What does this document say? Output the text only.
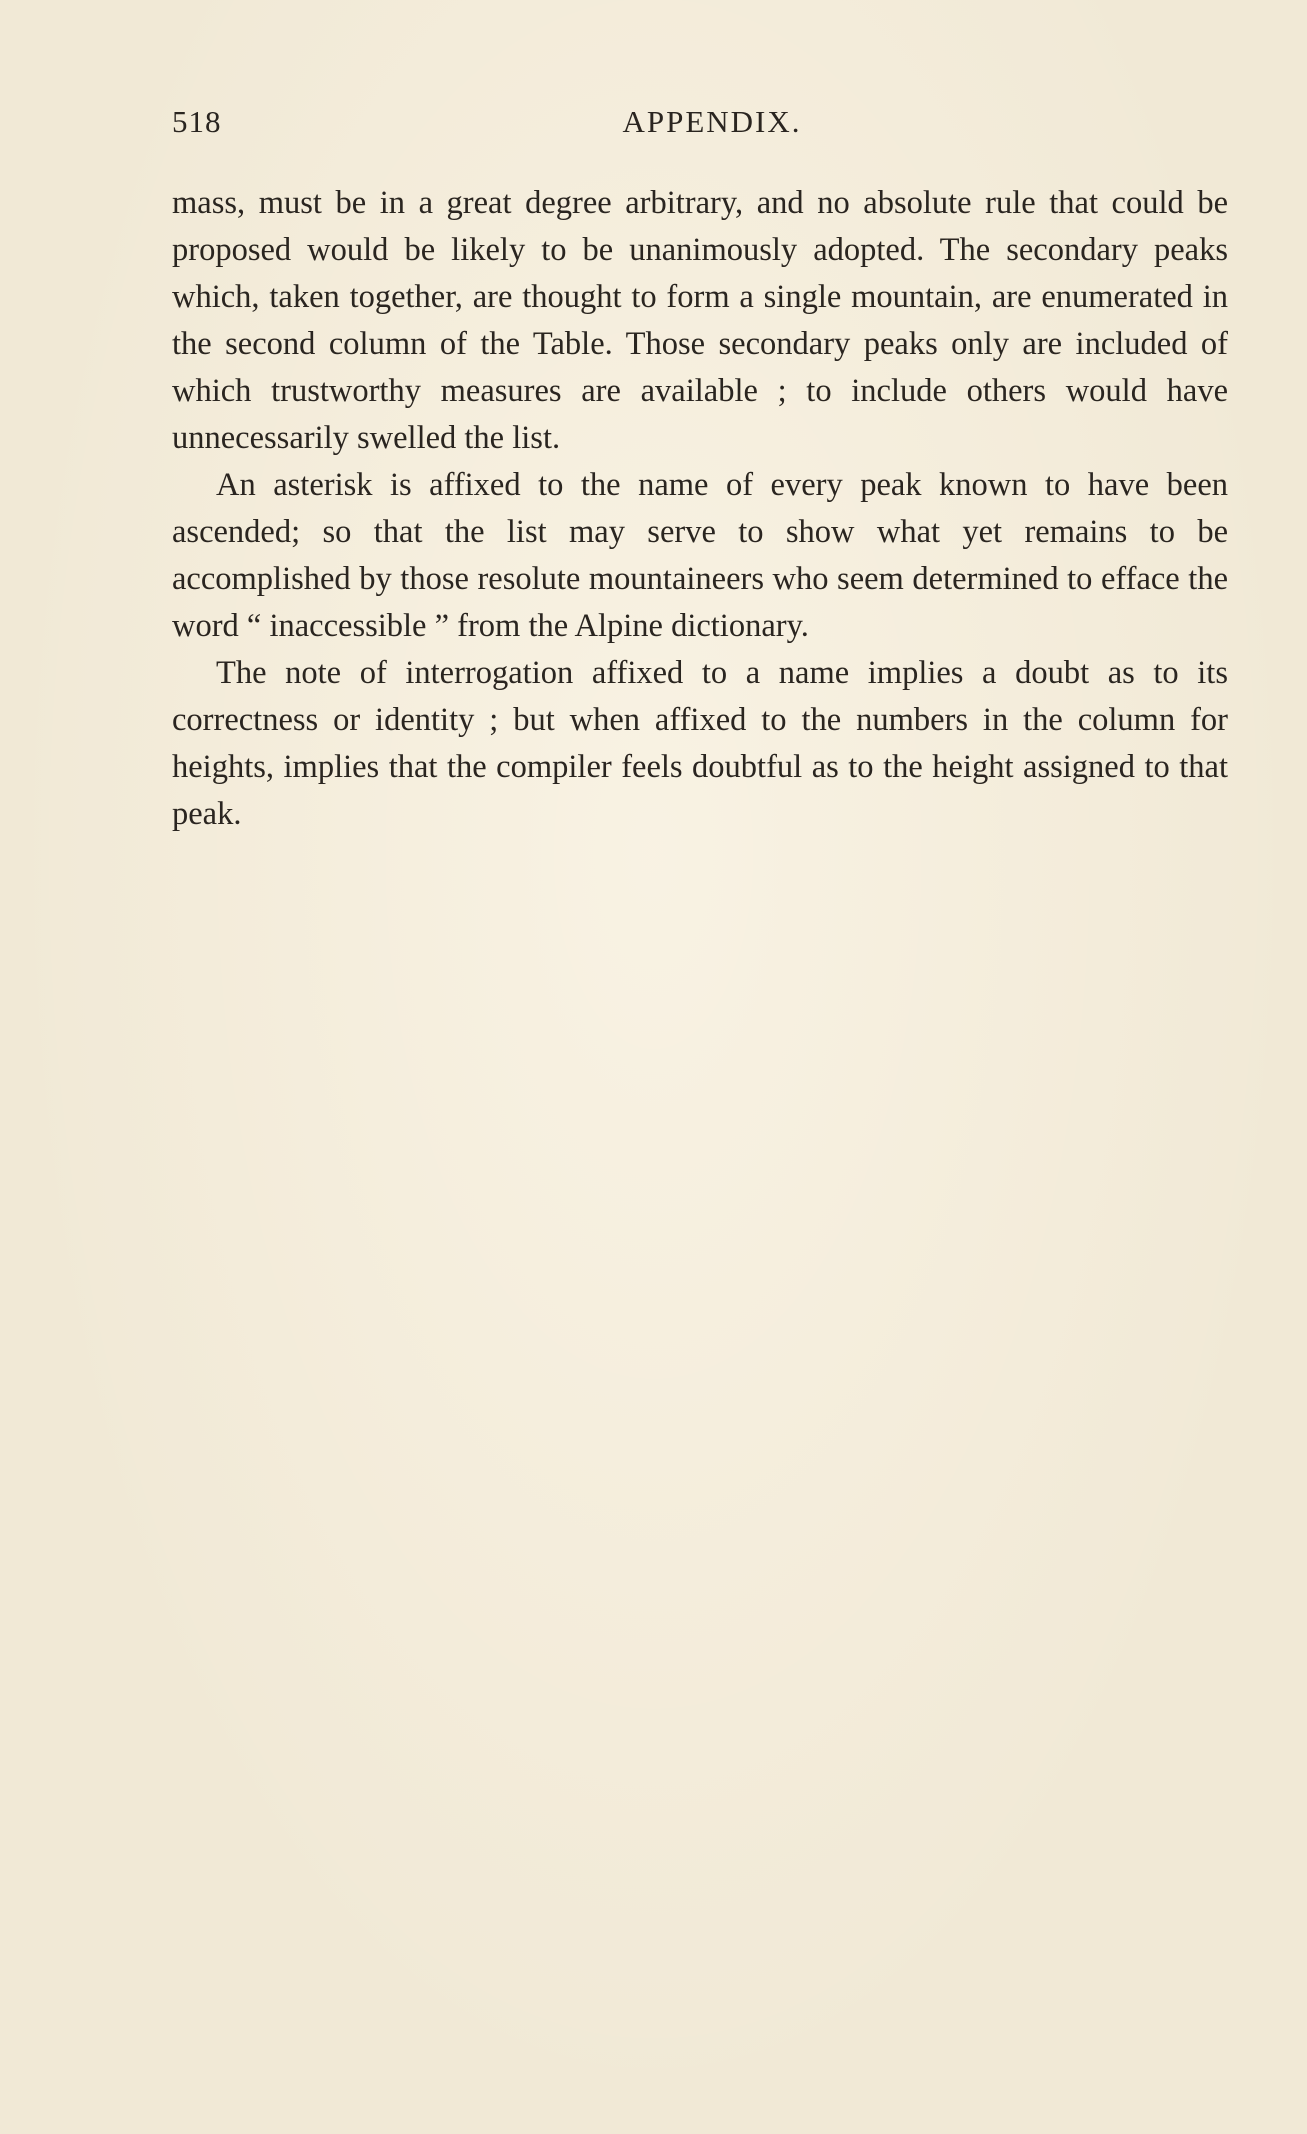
518	APPENDIX.

mass, must be in a great degree arbitrary, and no absolute rule that could be proposed would be likely to be unanimously adopted. The secondary peaks which, taken together, are thought to form a single mountain, are enumerated in the second column of the Table. Those secondary peaks only are included of which trustworthy measures are available ; to include others would have unnecessarily swelled the list.

An asterisk is affixed to the name of every peak known to have been ascended; so that the list may serve to show what yet remains to be accomplished by those resolute mountaineers who seem determined to efface the word “ inaccessible ” from the Alpine dictionary.

The note of interrogation affixed to a name implies a doubt as to its correctness or identity ; but when affixed to the numbers in the column for heights, implies that the compiler feels doubtful as to the height assigned to that peak.
